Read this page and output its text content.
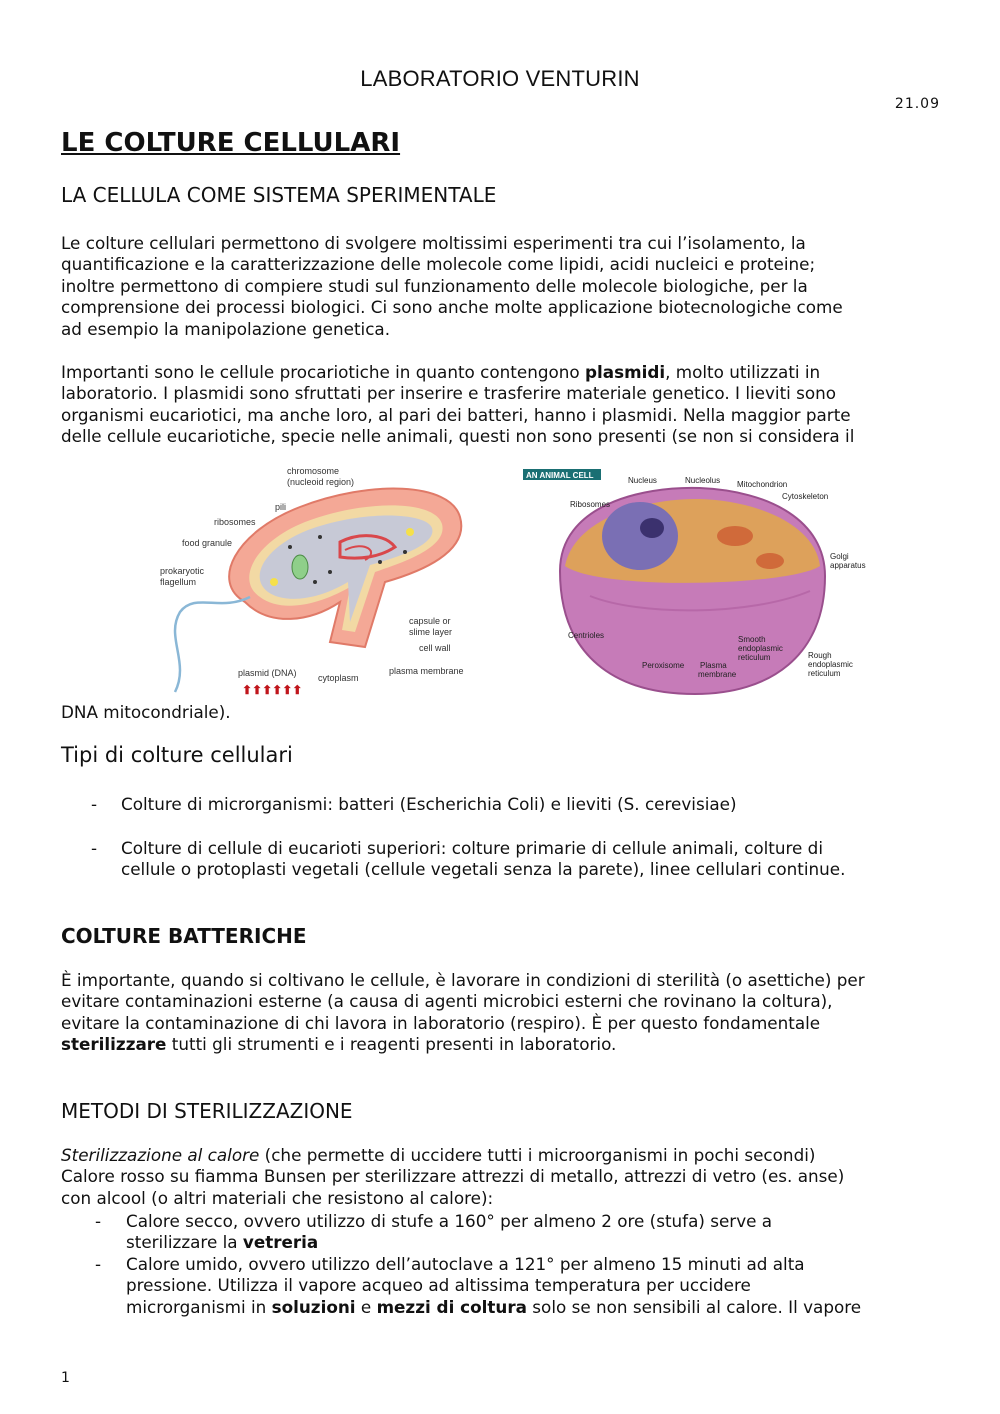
LABORATORIO VENTURIN
21.09
LE COLTURE CELLULARI
LA CELLULA COME SISTEMA SPERIMENTALE
Le colture cellulari permettono di svolgere moltissimi esperimenti tra cui l’isolamento, la
quantificazione e la caratterizzazione delle molecole come lipidi, acidi nucleici e proteine;
inoltre permettono di compiere studi sul funzionamento delle molecole biologiche, per la
comprensione dei processi biologici. Ci sono anche molte applicazione biotecnologiche come
ad esempio la manipolazione genetica.
Importanti sono le cellule procariotiche in quanto contengono plasmidi, molto utilizzati in
laboratorio. I plasmidi sono sfruttati per inserire e trasferire materiale genetico. I lieviti sono
organismi eucariotici, ma anche loro, al pari dei batteri, hanno i plasmidi. Nella maggior parte
delle cellule eucariotiche, specie nelle animali, questi non sono presenti (se non si considera il
chromosome
(nucleoid region)
pili
ribosomes
food granule
prokaryotic
flagellum
capsule or
slime layer
cell wall
plasma membrane
cytoplasm
plasmid (DNA)
⬆⬆⬆⬆⬆⬆
AN ANIMAL CELL
Nucleus	Nucleolus Mitochondrion
Ribosomes
Cytoskeleton
Golgi
apparatus
Centrioles	Smooth
endoplasmic
reticulum	Rough
endoplasmic
reticulum
Peroxisome Plasma
membrane
DNA mitocondriale).
Tipi di colture cellulari
- Colture di microrganismi: batteri (Escherichia Coli) e lieviti (S. cerevisiae)
- Colture di cellule di eucarioti superiori: colture primarie di cellule animali, colture di
cellule o protoplasti vegetali (cellule vegetali senza la parete), linee cellulari continue.
COLTURE BATTERICHE
È importante, quando si coltivano le cellule, è lavorare in condizioni di sterilità (o asettiche) per
evitare contaminazioni esterne (a causa di agenti microbici esterni che rovinano la coltura),
evitare la contaminazione di chi lavora in laboratorio (respiro). È per questo fondamentale
sterilizzare tutti gli strumenti e i reagenti presenti in laboratorio.
METODI DI STERILIZZAZIONE
Sterilizzazione al calore (che permette di uccidere tutti i microorganismi in pochi secondi)
Calore rosso su fiamma Bunsen per sterilizzare attrezzi di metallo, attrezzi di vetro (es. anse)
con alcool (o altri materiali che resistono al calore):
- Calore secco, ovvero utilizzo di stufe a 160° per almeno 2 ore (stufa) serve a
sterilizzare la vetreria
- Calore umido, ovvero utilizzo dell’autoclave a 121° per almeno 15 minuti ad alta
pressione. Utilizza il vapore acqueo ad altissima temperatura per uccidere
microrganismi in soluzioni e mezzi di coltura solo se non sensibili al calore. Il vapore
1
